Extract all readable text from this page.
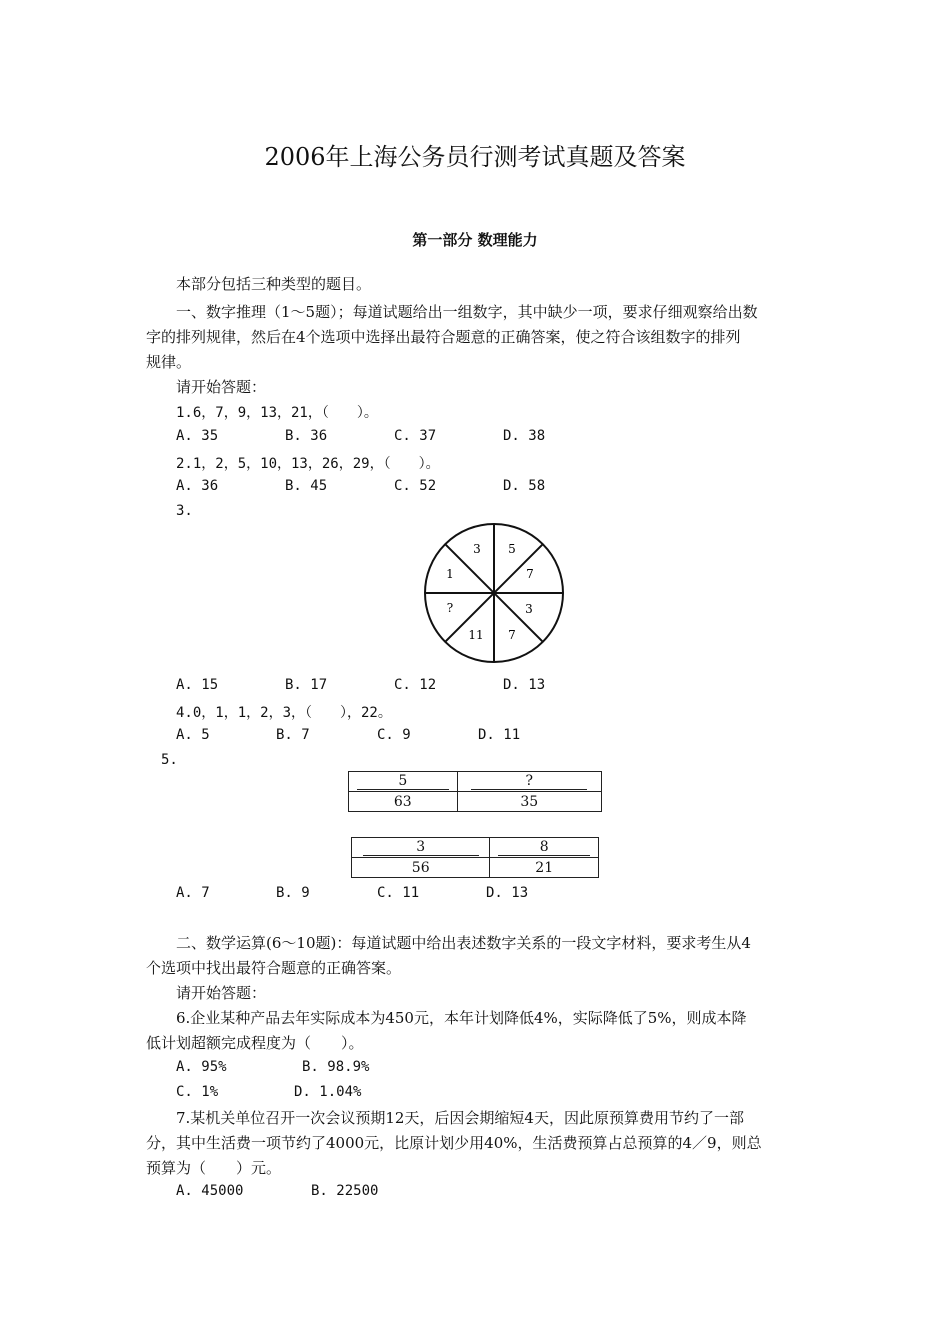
2006年上海公务员行测考试真题及答案
第一部分 数理能力
本部分包括三种类型的题目。
一、数字推理（1～5题）；每道试题给出一组数字，其中缺少一项，要求仔细观察给出数
字的排列规律，然后在4个选项中选择出最符合题意的正确答案，使之符合该组数字的排列
规律。
请开始答题：
1.6，7，9，13，21，（　　）。
A. 35	B. 36	C. 37	D. 38
2.1，2，5，10，13，26，29，（　　）。
A. 36	B. 45	C. 52	D. 58
3.
3 5
7
3
7
11
?
1
A. 15	B. 17	C. 12	D. 13
4.0，1，1，2，3，（　　），22。
A. 5	B. 7	C. 9	D. 11
5.
5	?
63	35
3	8
56	21
A. 7	B. 9	C. 11	D. 13
二、数学运算(6～10题)：每道试题中给出表述数字关系的一段文字材料，要求考生从4
个选项中找出最符合题意的正确答案。
请开始答题：
6.企业某种产品去年实际成本为450元，本年计划降低4%，实际降低了5%，则成本降
低计划超额完成程度为（　　）。
A. 95%	B. 98.9%
C. 1%	D. 1.04%
7.某机关单位召开一次会议预期12天，后因会期缩短4天，因此原预算费用节约了一部
分，其中生活费一项节约了4000元，比原计划少用40%，生活费预算占总预算的4／9，则总
预算为（　　）元。
A. 45000	B. 22500
